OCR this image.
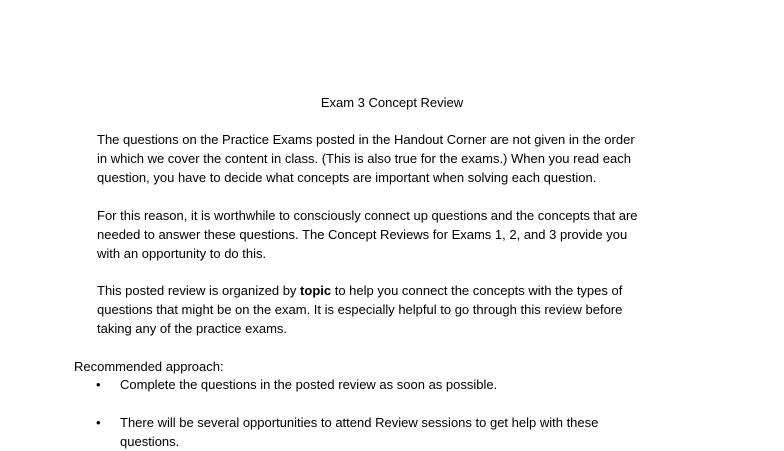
Exam 3 Concept Review
The questions on the Practice Exams posted in the Handout Corner are not given in the order
in which we cover the content in class. (This is also true for the exams.) When you read each
question, you have to decide what concepts are important when solving each question.
For this reason, it is worthwhile to consciously connect up questions and the concepts that are
needed to answer these questions. The Concept Reviews for Exams 1, 2, and 3 provide you
with an opportunity to do this.
This posted review is organized by topic to help you connect the concepts with the types of
questions that might be on the exam. It is especially helpful to go through this review before
taking any of the practice exams.
Recommended approach:
• Complete the questions in the posted review as soon as possible.
• There will be several opportunities to attend Review sessions to get help with these
questions.
